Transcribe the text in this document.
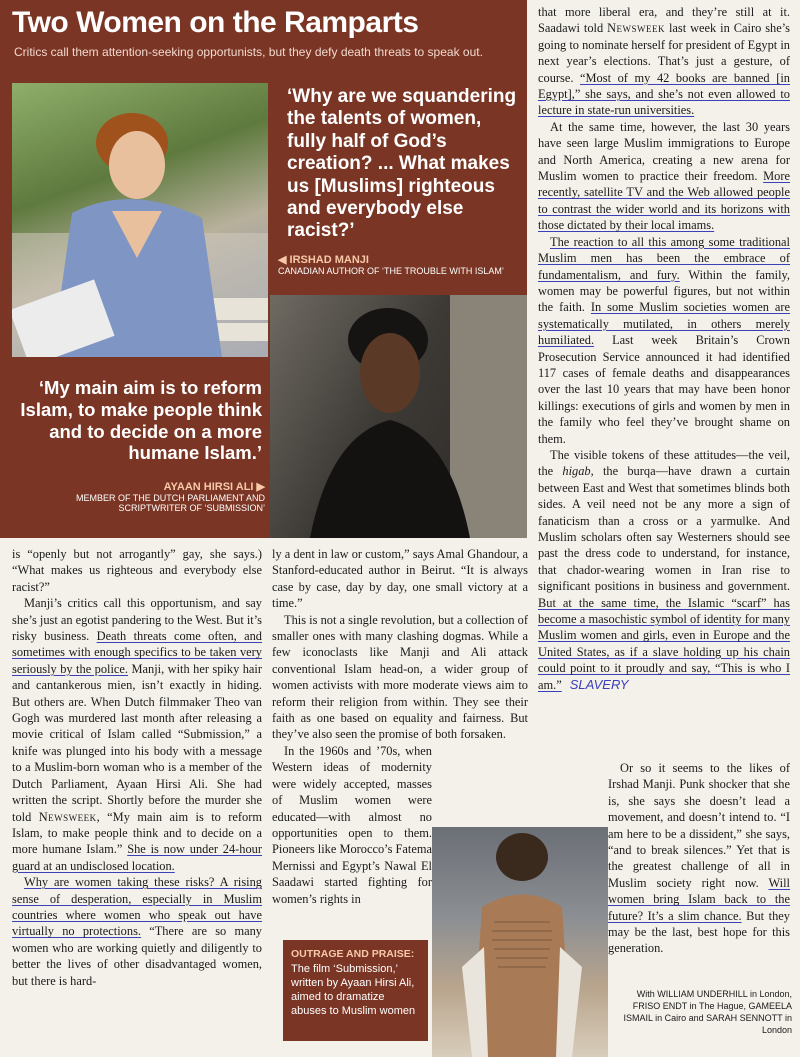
Two Women on the Ramparts
Critics call them attention-seeking opportunists, but they defy death threats to speak out.
‘Why are we squandering the talents of women, fully half of God’s creation? ... What makes us [Muslims] righteous and everybody else racist?’
◀ IRSHAD MANJI
CANADIAN AUTHOR OF ‘THE TROUBLE WITH ISLAM’
‘My main aim is to reform Islam, to make people think and to decide on a more humane Islam.’
AYAAN HIRSI ALI ▶
MEMBER OF THE DUTCH PARLIAMENT AND SCRIPTWRITER OF ‘SUBMISSION’

is “openly but not arrogantly” gay, she says.) “What makes us righteous and everybody else racist?”

Manji’s critics call this opportunism, and say she’s just an egotist pandering to the West. But it’s risky business. Death threats come often, and sometimes with enough specifics to be taken very seriously by the police. Manji, with her spiky hair and cantankerous mien, isn’t exactly in hiding. But others are. When Dutch filmmaker Theo van Gogh was murdered last month after releasing a movie critical of Islam called “Submission,” a knife was plunged into his body with a message to a Muslim-born woman who is a member of the Dutch Parliament, Ayaan Hirsi Ali. She had written the script. Shortly before the murder she told Newsweek, “My main aim is to reform Islam, to make people think and to decide on a more humane Islam.” She is now under 24-hour guard at an undisclosed location.

Why are women taking these risks? A rising sense of desperation, especially in Muslim countries where women who speak out have virtually no protections. “There are so many women who are working quietly and diligently to better the lives of other disadvantaged women, but there is hard-

ly a dent in law or custom,” says Amal Ghandour, a Stanford-educated author in Beirut. “It is always case by case, day by day, one small victory at a time.”

This is not a single revolution, but a collection of smaller ones with many clashing dogmas. While a few iconoclasts like Manji and Ali attack conventional Islam head-on, a wider group of women activists with more moderate views aim to reform their religion from within. They see their faith as one based on equality and fairness. But they’ve also seen the promise of both forsaken.

In the 1960s and ’70s, when Western ideas of modernity were widely accepted, masses of Muslim women were educated—with almost no opportunities open to them. Pioneers like Morocco’s Fatema Mernissi and Egypt’s Nawal El Saadawi started fighting for women’s rights in

that more liberal era, and they’re still at it. Saadawi told Newsweek last week in Cairo she’s going to nominate herself for president of Egypt in next year’s elections. That’s just a gesture, of course. “Most of my 42 books are banned [in Egypt],” she says, and she’s not even allowed to lecture in state-run universities.

At the same time, however, the last 30 years have seen large Muslim immigrations to Europe and North America, creating a new arena for Muslim women to practice their freedom. More recently, satellite TV and the Web allowed people to contrast the wider world and its horizons with those dictated by their local imams.

The reaction to all this among some traditional Muslim men has been the embrace of fundamentalism, and fury. Within the family, women may be powerful figures, but not within the faith. In some Muslim societies women are systematically mutilated, in others merely humiliated. Last week Britain’s Crown Prosecution Service announced it had identified 117 cases of female deaths and disappearances over the last 10 years that may have been honor killings: executions of girls and women by men in the family who feel they’ve brought shame on them.

The visible tokens of these attitudes—the veil, the higab, the burqa—have drawn a curtain between East and West that sometimes blinds both sides. A veil need not be any more a sign of fanaticism than a cross or a yarmulke. And Muslim scholars often say Westerners should see past the dress code to understand, for instance, that chador-wearing women in Iran rise to significant positions in business and government. But at the same time, the Islamic “scarf” has become a masochistic symbol of identity for many Muslim women and girls, even in Europe and the United States, as if a slave holding up his chain could point to it proudly and say, “This is who I am.” SLAVERY

Or so it seems to the likes of Irshad Manji. Punk shocker that she is, she says she doesn’t lead a movement, and doesn’t intend to. “I am here to be a dissident,” she says, “and to break silences.” Yet that is the greatest challenge of all in Muslim society right now. Will women bring Islam back to the future? It’s a slim chance. But they may be the last, best hope for this generation.

OUTRAGE AND PRAISE:
The film ‘Submission,’ written by Ayaan Hirsi Ali, aimed to dramatize abuses to Muslim women
With WILLIAM UNDERHILL in London, FRISO ENDT in The Hague, GAMEELA ISMAIL in Cairo and SARAH SENNOTT in London
